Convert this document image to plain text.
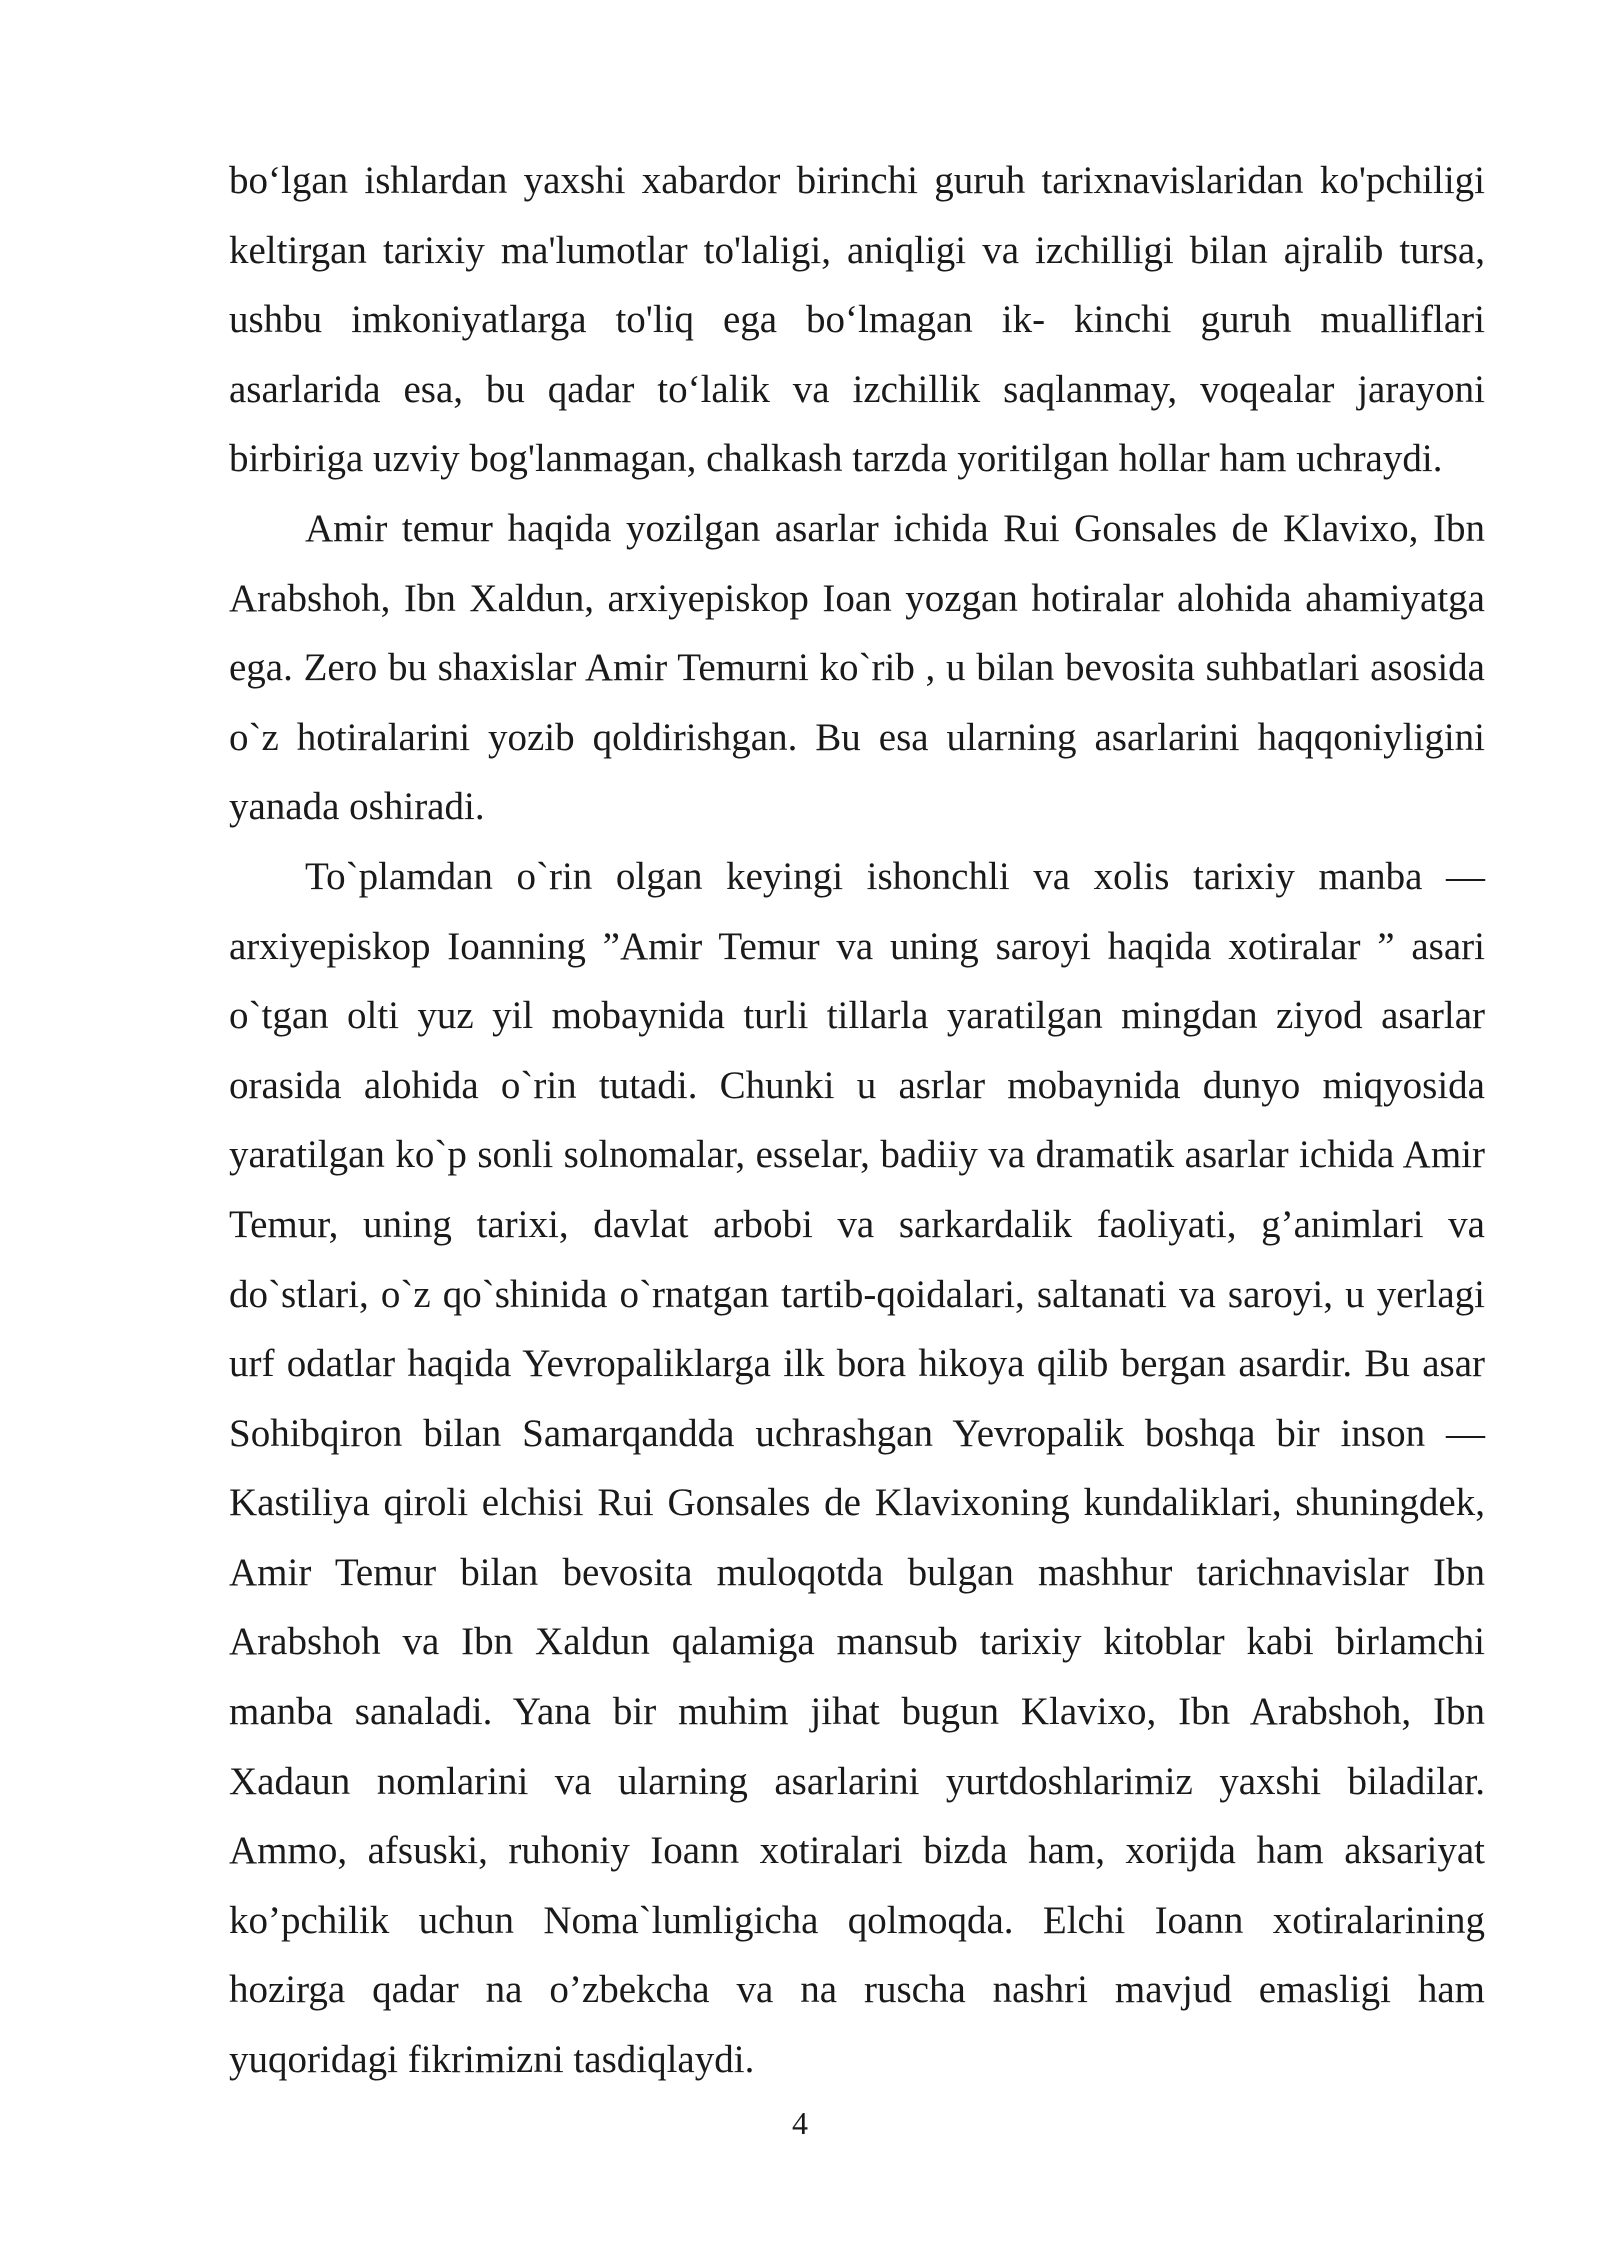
bo‘lgan ishlardan yaxshi xabardor birinchi guruh tarixnavislaridan ko'pchiligi keltirgan tarixiy ma'lumotlar to'laligi, aniqligi va izchilligi bilan ajralib tursa, ushbu imkoniyatlarga to'liq ega bo‘lmagan ik- kinchi guruh mualliflari asarlarida esa, bu qadar to‘lalik va izchillik saqlanmay, voqealar jarayoni birbiriga uzviy bog'lanmagan, chalkash tarzda yoritilgan hollar ham uchraydi.

Amir temur haqida yozilgan asarlar ichida Rui Gonsales de Klavixo, Ibn Arabshoh, Ibn Xaldun, arxiyepiskop Ioan yozgan hotiralar alohida ahamiyatga ega. Zero bu shaxislar Amir Temurni ko`rib , u bilan bevosita suhbatlari asosida o`z hotiralarini yozib qoldirishgan. Bu esa ularning asarlarini haqqoniyligini yanada oshiradi.

To`plamdan o`rin olgan keyingi ishonchli va xolis tarixiy manba — arxiyepiskop Ioanning ”Amir Temur va uning saroyi haqida xotiralar ” asari o`tgan olti yuz yil mobaynida turli tillarla yaratilgan mingdan ziyod asarlar orasida alohida o`rin tutadi. Chunki u asrlar mobaynida dunyo miqyosida yaratilgan ko`p sonli solnomalar, esselar, badiiy va dramatik asarlar ichida Amir Temur, uning tarixi, davlat arbobi va sarkardalik faoliyati, g’animlari va do`stlari, o`z qo`shinida o`rnatgan tartib-qoidalari, saltanati va saroyi, u yerlagi urf odatlar haqida Yevropaliklarga ilk bora hikoya qilib bergan asardir. Bu asar Sohibqiron bilan Samarqandda uchrashgan Yevropalik boshqa bir inson — Kastiliya qiroli elchisi Rui Gonsales de Klavixoning kundaliklari, shuningdek, Amir Temur bilan bevosita muloqotda bulgan mashhur tarichnavislar Ibn Arabshoh va Ibn Xaldun qalamiga mansub tarixiy kitoblar kabi birlamchi manba sanaladi. Yana bir muhim jihat bugun Klavixo, Ibn Arabshoh, Ibn Xadaun nomlarini va ularning asarlarini yurtdoshlarimiz yaxshi biladilar. Ammo, afsuski, ruhoniy Ioann xotiralari bizda ham, xorijda ham aksariyat ko’pchilik uchun Noma`lumligicha qolmoqda. Elchi Ioann xotiralarining hozirga qadar na o’zbekcha va na ruscha nashri mavjud emasligi ham yuqoridagi fikrimizni tasdiqlaydi.

4
